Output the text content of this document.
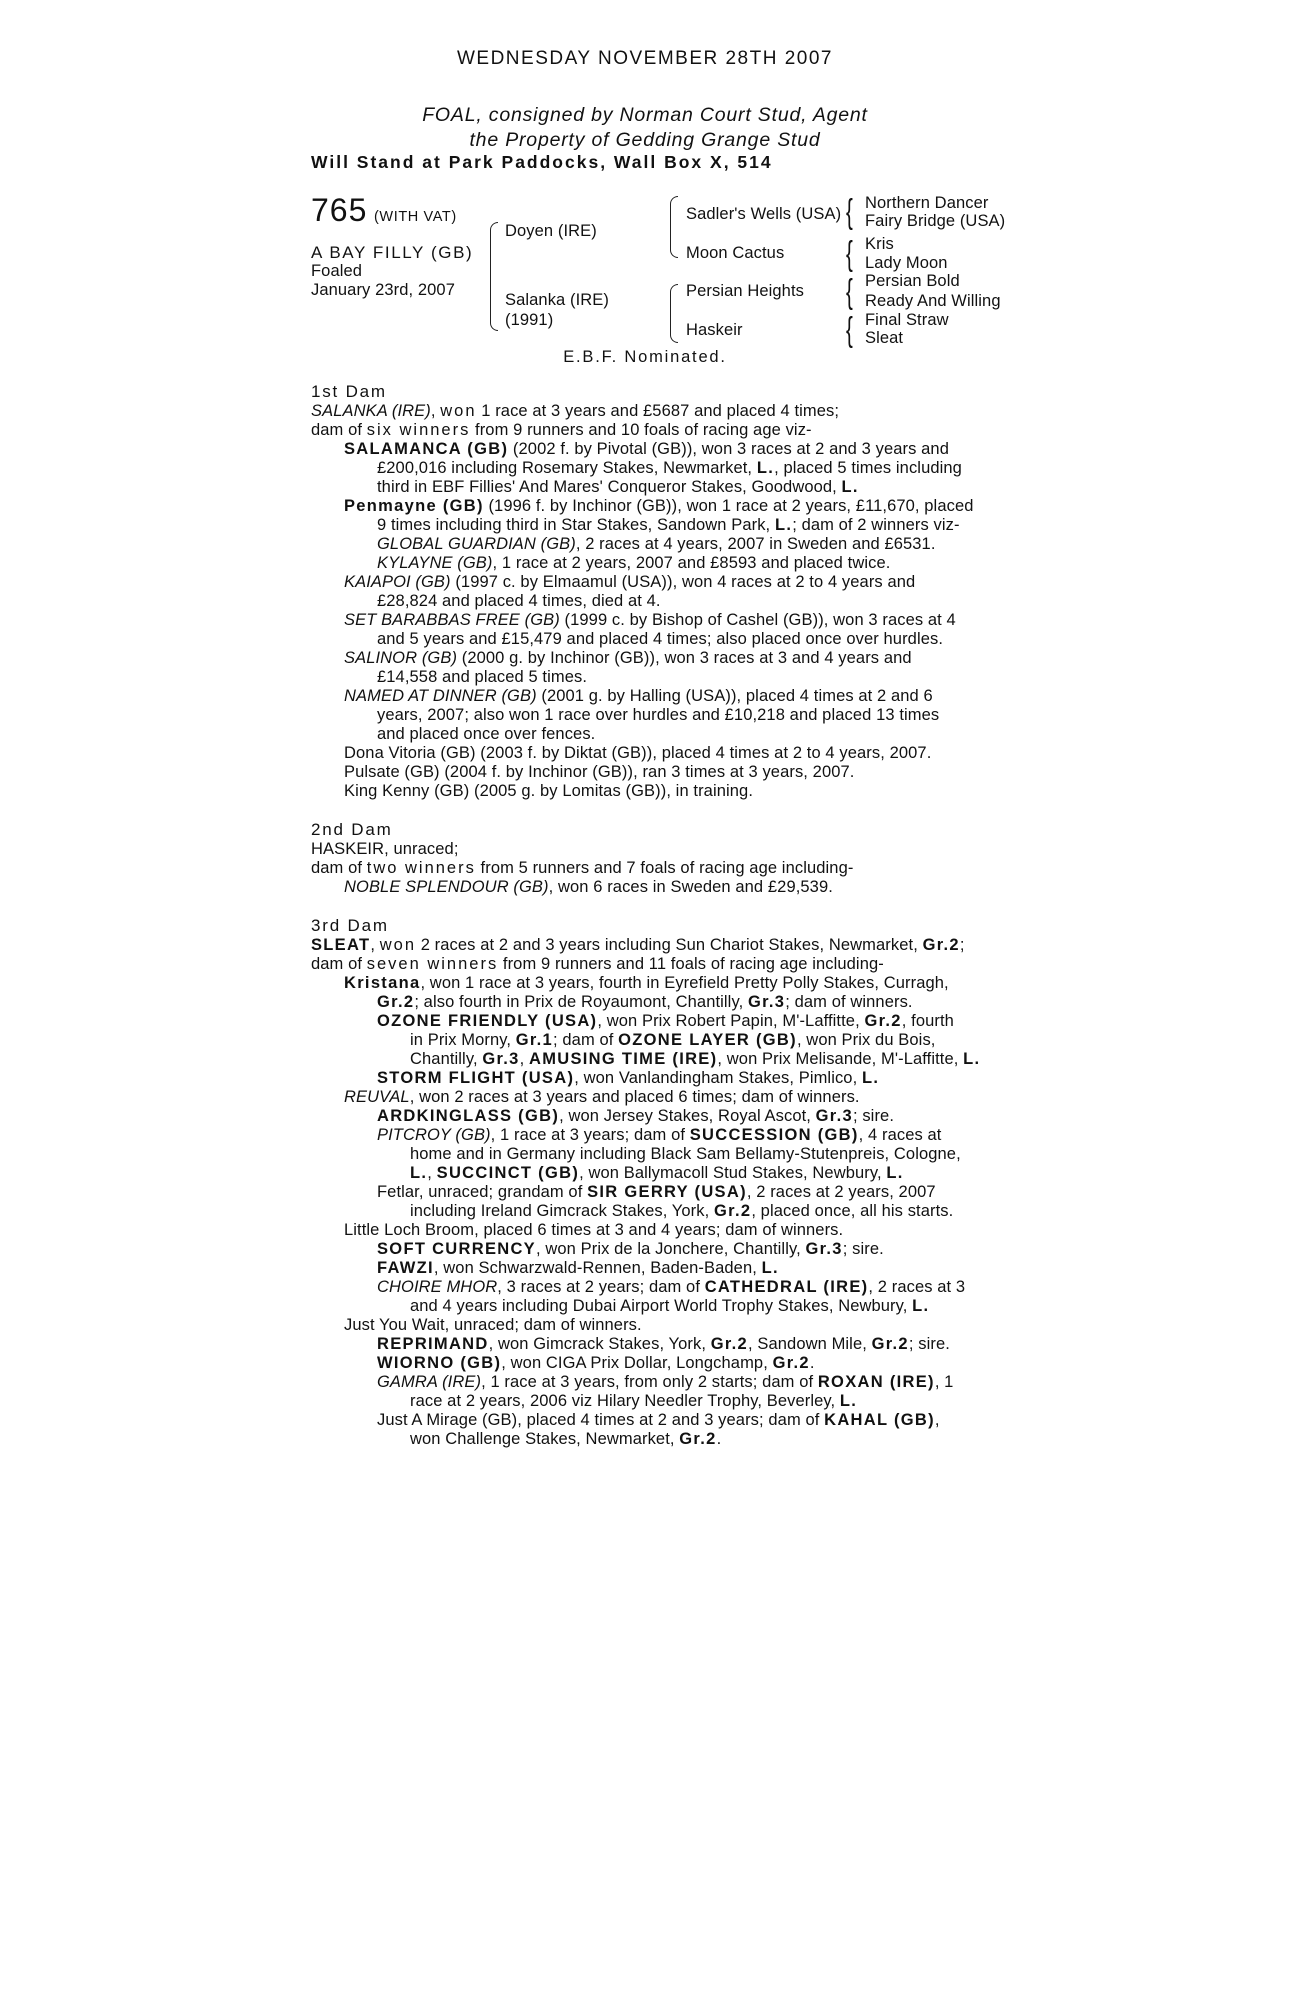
WEDNESDAY NOVEMBER 28TH 2007
FOAL, consigned by Norman Court Stud, Agent
the Property of Gedding Grange Stud
Will Stand at Park Paddocks, Wall Box X, 514
765 (WITH VAT)
A BAY FILLY (GB)
Foaled
January 23rd, 2007
Doyen (IRE)
Salanka (IRE)
(1991)
Sadler's Wells (USA)
Moon Cactus
Persian Heights
Haskeir
{ Northern Dancer
Fairy Bridge (USA)
{ Kris
Lady Moon
{ Persian Bold
Ready And Willing
{ Final Straw
Sleat
E.B.F. Nominated.
1st Dam
SALANKA (IRE), won 1 race at 3 years and £5687 and placed 4 times;
dam of six winners from 9 runners and 10 foals of racing age viz-
SALAMANCA (GB) (2002 f. by Pivotal (GB)), won 3 races at 2 and 3 years and
£200,016 including Rosemary Stakes, Newmarket, L., placed 5 times including
third in EBF Fillies' And Mares' Conqueror Stakes, Goodwood, L.
Penmayne (GB) (1996 f. by Inchinor (GB)), won 1 race at 2 years, £11,670, placed
9 times including third in Star Stakes, Sandown Park, L.; dam of 2 winners viz-
GLOBAL GUARDIAN (GB), 2 races at 4 years, 2007 in Sweden and £6531.
KYLAYNE (GB), 1 race at 2 years, 2007 and £8593 and placed twice.
KAIAPOI (GB) (1997 c. by Elmaamul (USA)), won 4 races at 2 to 4 years and
£28,824 and placed 4 times, died at 4.
SET BARABBAS FREE (GB) (1999 c. by Bishop of Cashel (GB)), won 3 races at 4
and 5 years and £15,479 and placed 4 times; also placed once over hurdles.
SALINOR (GB) (2000 g. by Inchinor (GB)), won 3 races at 3 and 4 years and
£14,558 and placed 5 times.
NAMED AT DINNER (GB) (2001 g. by Halling (USA)), placed 4 times at 2 and 6
years, 2007; also won 1 race over hurdles and £10,218 and placed 13 times
and placed once over fences.
Dona Vitoria (GB) (2003 f. by Diktat (GB)), placed 4 times at 2 to 4 years, 2007.
Pulsate (GB) (2004 f. by Inchinor (GB)), ran 3 times at 3 years, 2007.
King Kenny (GB) (2005 g. by Lomitas (GB)), in training.
2nd Dam
HASKEIR, unraced;
dam of two winners from 5 runners and 7 foals of racing age including-
NOBLE SPLENDOUR (GB), won 6 races in Sweden and £29,539.
3rd Dam
SLEAT, won 2 races at 2 and 3 years including Sun Chariot Stakes, Newmarket, Gr.2;
dam of seven winners from 9 runners and 11 foals of racing age including-
Kristana, won 1 race at 3 years, fourth in Eyrefield Pretty Polly Stakes, Curragh,
Gr.2; also fourth in Prix de Royaumont, Chantilly, Gr.3; dam of winners.
OZONE FRIENDLY (USA), won Prix Robert Papin, M'-Laffitte, Gr.2, fourth
in Prix Morny, Gr.1; dam of OZONE LAYER (GB), won Prix du Bois,
Chantilly, Gr.3, AMUSING TIME (IRE), won Prix Melisande, M'-Laffitte, L.
STORM FLIGHT (USA), won Vanlandingham Stakes, Pimlico, L.
REUVAL, won 2 races at 3 years and placed 6 times; dam of winners.
ARDKINGLASS (GB), won Jersey Stakes, Royal Ascot, Gr.3; sire.
PITCROY (GB), 1 race at 3 years; dam of SUCCESSION (GB), 4 races at
home and in Germany including Black Sam Bellamy-Stutenpreis, Cologne,
L., SUCCINCT (GB), won Ballymacoll Stud Stakes, Newbury, L.
Fetlar, unraced; grandam of SIR GERRY (USA), 2 races at 2 years, 2007
including Ireland Gimcrack Stakes, York, Gr.2, placed once, all his starts.
Little Loch Broom, placed 6 times at 3 and 4 years; dam of winners.
SOFT CURRENCY, won Prix de la Jonchere, Chantilly, Gr.3; sire.
FAWZI, won Schwarzwald-Rennen, Baden-Baden, L.
CHOIRE MHOR, 3 races at 2 years; dam of CATHEDRAL (IRE), 2 races at 3
and 4 years including Dubai Airport World Trophy Stakes, Newbury, L.
Just You Wait, unraced; dam of winners.
REPRIMAND, won Gimcrack Stakes, York, Gr.2, Sandown Mile, Gr.2; sire.
WIORNO (GB), won CIGA Prix Dollar, Longchamp, Gr.2.
GAMRA (IRE), 1 race at 3 years, from only 2 starts; dam of ROXAN (IRE), 1
race at 2 years, 2006 viz Hilary Needler Trophy, Beverley, L.
Just A Mirage (GB), placed 4 times at 2 and 3 years; dam of KAHAL (GB),
won Challenge Stakes, Newmarket, Gr.2.
